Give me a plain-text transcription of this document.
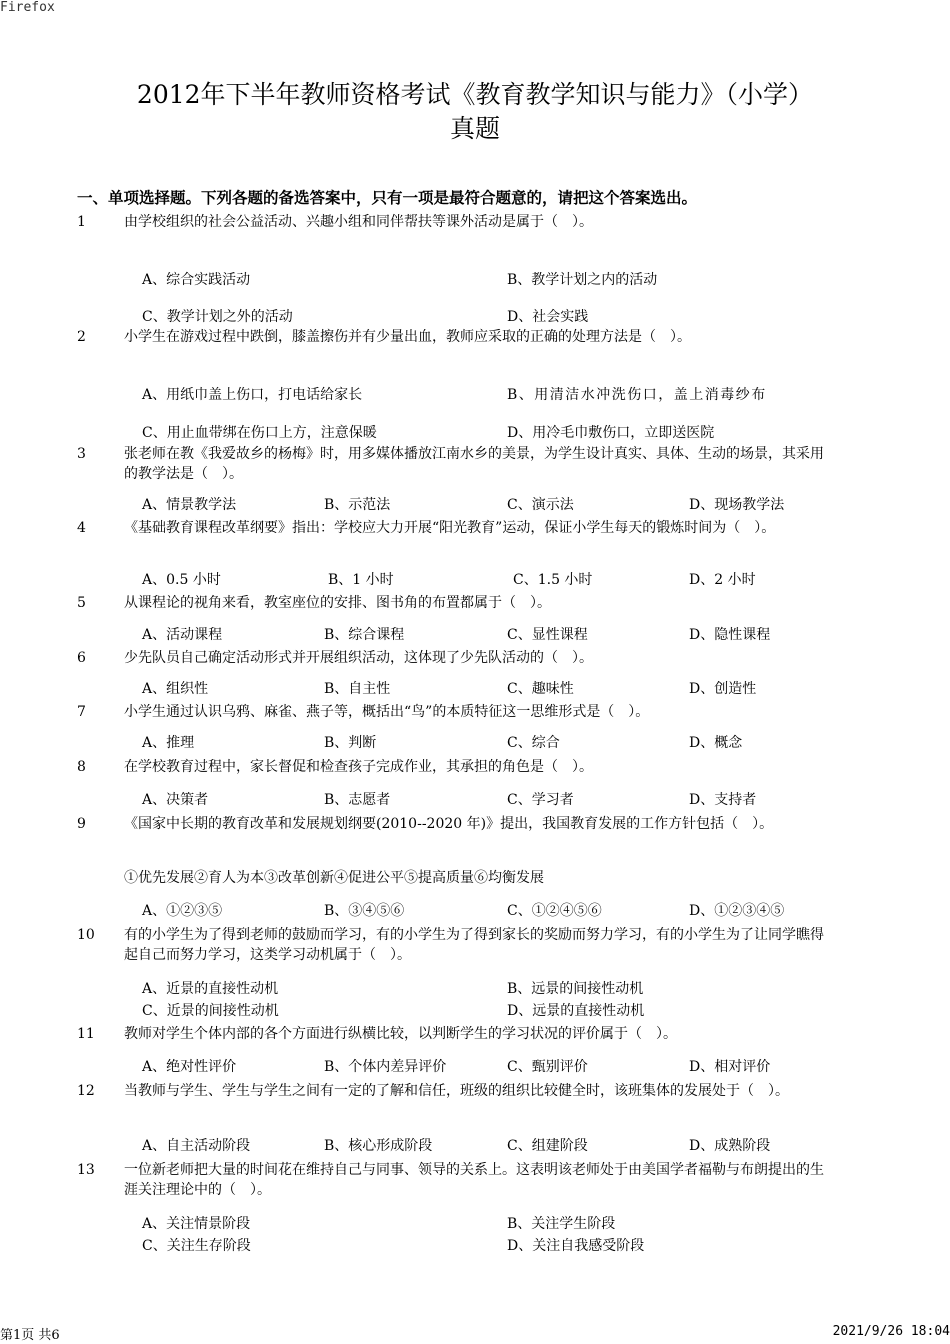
Firefox
2012年下半年教师资格考试《教育教学知识与能力》（小学）
真题
一、单项选择题。下列各题的备选答案中，只有一项是最符合题意的，请把这个答案选出。
1	由学校组织的社会公益活动、兴趣小组和同伴帮扶等课外活动是属于（　）。
A、综合实践活动	B、教学计划之内的活动
C、教学计划之外的活动	D、社会实践
2	小学生在游戏过程中跌倒，膝盖擦伤并有少量出血，教师应采取的正确的处理方法是（　）。
A、用纸巾盖上伤口，打电话给家长	B、用清洁水冲洗伤口，盖上消毒纱布
C、用止血带绑在伤口上方，注意保暖	D、用冷毛巾敷伤口，立即送医院
3	张老师在教《我爱故乡的杨梅》时，用多媒体播放江南水乡的美景，为学生设计真实、具体、生动的场景，其采用的教学法是（　）。
A、情景教学法	B、示范法	C、演示法	D、现场教学法
4	《基础教育课程改革纲要》指出：学校应大力开展“阳光教育”运动，保证小学生每天的锻炼时间为（　）。
A、0.5 小时	B、1 小时	C、1.5 小时	D、2 小时
5	从课程论的视角来看，教室座位的安排、图书角的布置都属于（　）。
A、活动课程	B、综合课程	C、显性课程	D、隐性课程
6	少先队员自己确定活动形式并开展组织活动，这体现了少先队活动的（　）。
A、组织性	B、自主性	C、趣味性	D、创造性
7	小学生通过认识乌鸦、麻雀、燕子等，概括出“鸟”的本质特征这一思维形式是（　）。
A、推理	B、判断	C、综合	D、概念
8	在学校教育过程中，家长督促和检查孩子完成作业，其承担的角色是（　）。
A、决策者	B、志愿者	C、学习者	D、支持者
9	《国家中长期的教育改革和发展规划纲要(2010--2020 年)》提出，我国教育发展的工作方针包括（　）。
①优先发展②育人为本③改革创新④促进公平⑤提高质量⑥均衡发展
A、①②③⑤	B、③④⑤⑥	C、①②④⑤⑥	D、①②③④⑤
10 有的小学生为了得到老师的鼓励而学习，有的小学生为了得到家长的奖励而努力学习，有的小学生为了让同学瞧得起自己而努力学习，这类学习动机属于（　）。
A、近景的直接性动机	B、远景的间接性动机
C、近景的间接性动机	D、远景的直接性动机
11 教师对学生个体内部的各个方面进行纵横比较，以判断学生的学习状况的评价属于（　）。
A、绝对性评价	B、个体内差异评价	C、甄别评价	D、相对评价
12 当教师与学生、学生与学生之间有一定的了解和信任，班级的组织比较健全时，该班集体的发展处于（　）。
A、自主活动阶段	B、核心形成阶段	C、组建阶段	D、成熟阶段
13 一位新老师把大量的时间花在维持自己与同事、领导的关系上。这表明该老师处于由美国学者福勒与布朗提出的生涯关注理论中的（　）。
A、关注情景阶段	B、关注学生阶段
C、关注生存阶段	D、关注自我感受阶段
第1页 共6	2021/9/26 18:04
